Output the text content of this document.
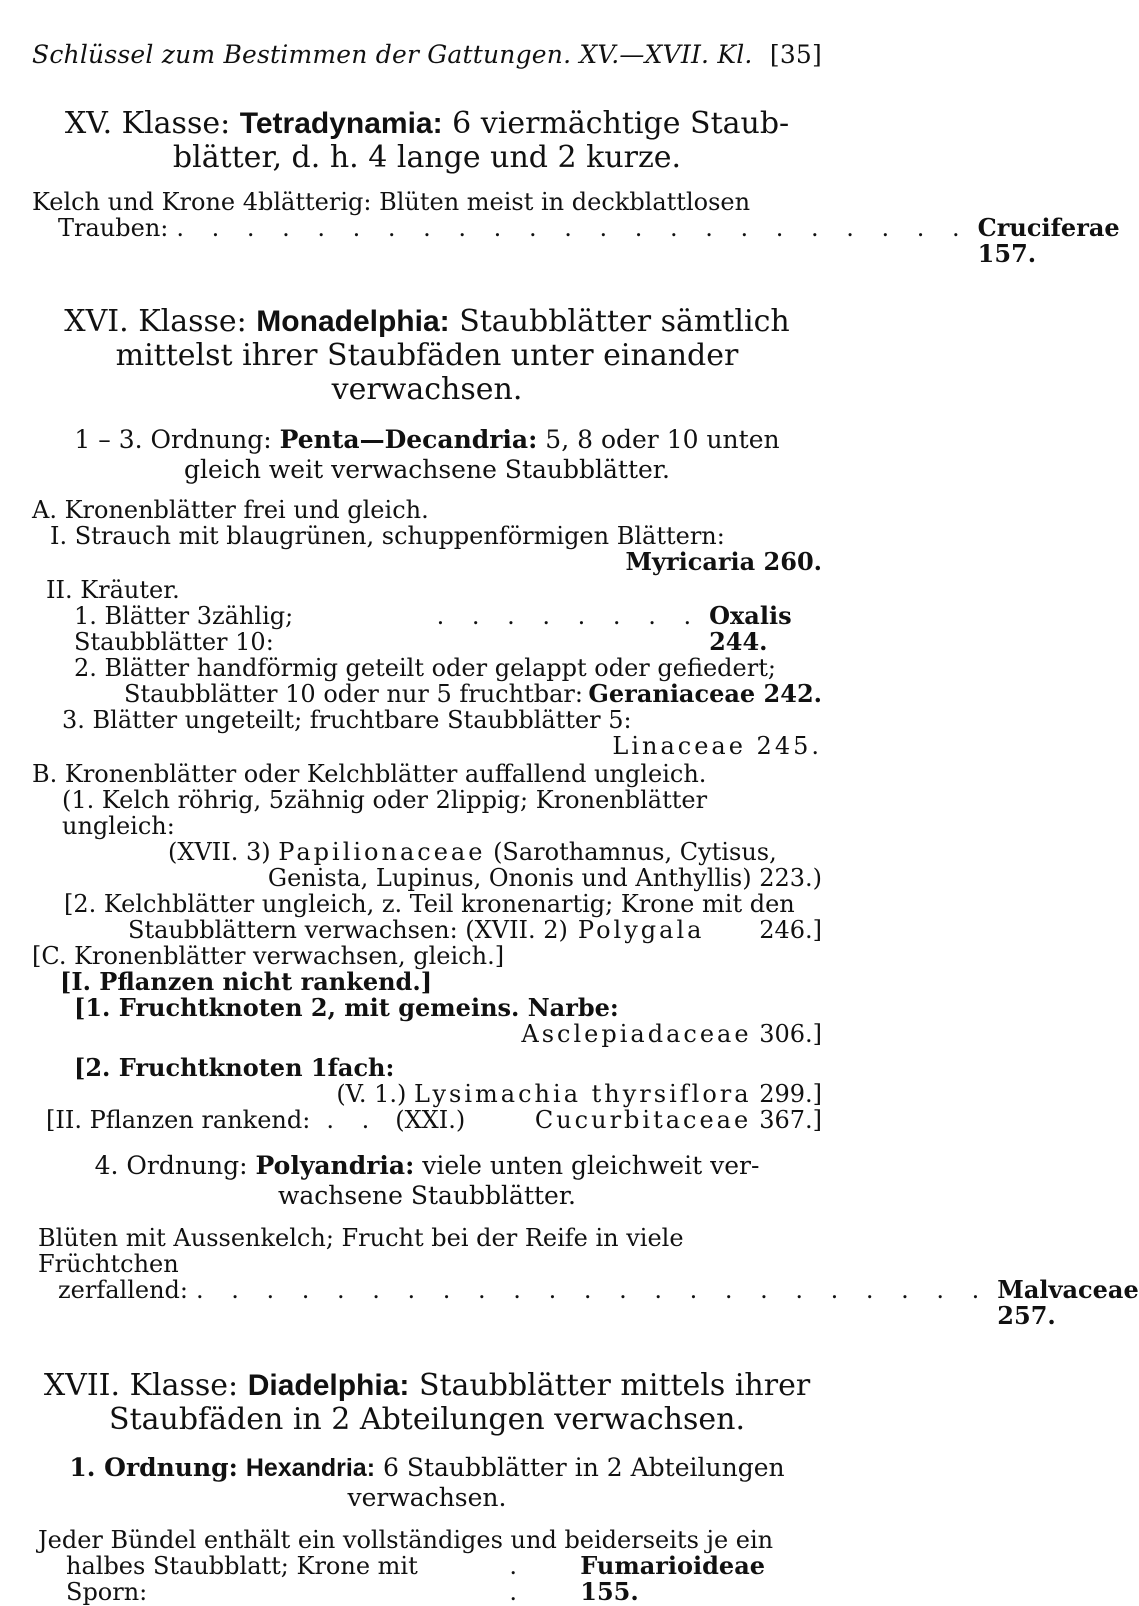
Schlüssel zum Bestimmen der Gattungen. XV.—XVII. Kl. [35]
XV. Klasse: Tetradynamia: 6 viermächtige Staub-
blätter, d. h. 4 lange und 2 kurze.
Kelch und Krone 4blätterig: Blüten meist in deckblattlosen
Trauben: . . . . . . . . . . . . . . . . . . . . . . . Cruciferae 157.
XVI. Klasse: Monadelphia: Staubblätter sämtlich
mittelst ihrer Staubfäden unter einander verwachsen.
1 – 3. Ordnung: Penta—Decandria: 5, 8 oder 10 unten
gleich weit verwachsene Staubblätter.
A. Kronenblätter frei und gleich.
I. Strauch mit blaugrünen, schuppenförmigen Blättern:
Myricaria 260.
II. Kräuter.
1. Blätter 3zählig; Staubblätter 10:
. . . . . . . . Oxalis 244.
2. Blätter handförmig geteilt oder gelappt oder gefiedert;
Staubblätter 10 oder nur 5 fruchtbar: Geraniaceae 242.
3. Blätter ungeteilt; fruchtbare Staubblätter 5:
Linaceae 245.
B. Kronenblätter oder Kelchblätter auffallend ungleich.
(1. Kelch röhrig, 5zähnig oder 2lippig; Kronenblätter ungleich:
(XVII. 3) Papilionaceae (Sarothamnus, Cytisus,
Genista, Lupinus, Ononis und Anthyllis) 223.)
[2. Kelchblätter ungleich, z. Teil kronenartig; Krone mit den
Staubblättern verwachsen: (XVII. 2) Polygala 246.]
[C. Kronenblätter verwachsen, gleich.]
[I. Pflanzen nicht rankend.]
[1. Fruchtknoten 2, mit gemeins. Narbe:
Asclepiadaceae 306.]
[2. Fruchtknoten 1fach:
(V. 1.) Lysimachia thyrsiflora 299.]
[II. Pflanzen rankend: . . (XXI.)	Cucurbitaceae 367.]
4. Ordnung: Polyandria: viele unten gleichweit ver-
wachsene Staubblätter.
Blüten mit Aussenkelch; Frucht bei der Reife in viele Früchtchen
zerfallend: . . . . . . . . . . . . . . . . . . . . . . . Malvaceae 257.
XVII. Klasse: Diadelphia: Staubblätter mittels ihrer
Staubfäden in 2 Abteilungen verwachsen.
1. Ordnung: Hexandria: 6 Staubblätter in 2 Abteilungen
verwachsen.
Jeder Bündel enthält ein vollständiges und beiderseits je ein
halbes Staubblatt; Krone mit Sporn:
. .
Fumarioideae 155.
